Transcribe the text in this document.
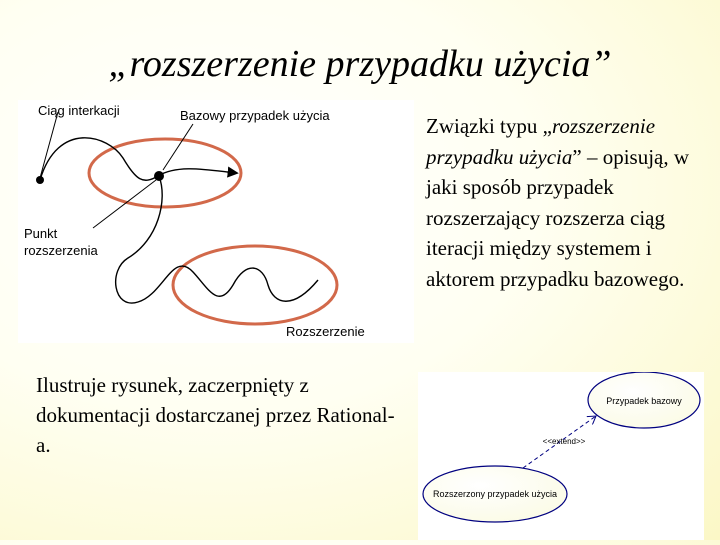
„rozszerzenie przypadku użycia”
Ciąg interkacji	Bazowy przypadek użycia
Punkt
rozszerzenia
Rozszerzenie
Związki typu „rozszerzenie przypadku użycia” – opisują, w jaki sposób przypadek rozszerzający rozszerza ciąg iteracji między systemem i aktorem przypadku bazowego.
Ilustruje rysunek, zaczerpnięty z dokumentacji dostarczanej przez Rational-a.
Przypadek bazowy
Rozszerzony przypadek użycia
<<extend>>
